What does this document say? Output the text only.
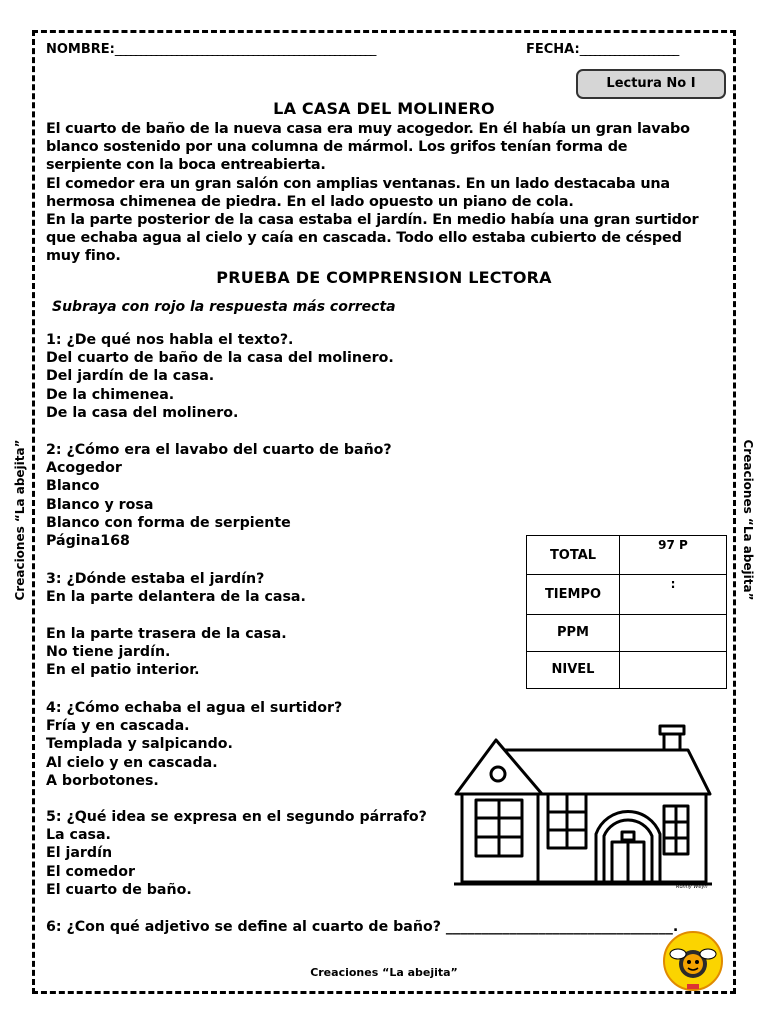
NOMBRE:___________________________________________________	FECHA:____________________
Lectura No I
LA CASA DEL MOLINERO

El cuarto de baño de la nueva casa era muy acogedor. En él había un gran lavabo blanco sostenido por una columna de mármol. Los grifos tenían forma de serpiente con la boca entreabierta.

El comedor era un gran salón con amplias ventanas. En un lado destacaba una hermosa chimenea de piedra. En el lado opuesto un piano de cola.

En la parte posterior de la casa estaba el jardín. En medio había una gran surtidor que echaba agua al cielo y caía en cascada. Todo ello estaba cubierto de césped muy fino.

PRUEBA DE COMPRENSION LECTORA
Subraya con rojo la respuesta más correcta
1: ¿De qué nos habla el texto?.
Del cuarto de baño de la casa del molinero.
Del jardín de la casa.
De la chimenea.
De la casa del molinero.
2: ¿Cómo era el lavabo del cuarto de baño?
Acogedor
Blanco
Blanco y rosa
Blanco con forma de serpiente
Página168
3: ¿Dónde estaba el jardín?
En la parte delantera de la casa.
En la parte trasera de la casa.
No tiene jardín.
En el patio interior.
4: ¿Cómo echaba el agua el surtidor?
Fría y en cascada.
Templada y salpicando.
Al cielo y en cascada.
A borbotones.
5: ¿Qué idea se expresa en el segundo párrafo?
La casa.
El jardín
El comedor
El cuarto de baño.
6: ¿Con qué adjetivo se define al cuarto de baño? ________________________________.
TOTAL	97 P
TIEMPO	:
PPM	
NIVEL	
Creaciones “La abejita”	Creaciones “La abejita”
Ronny Weyn
Creaciones “La abejita”
